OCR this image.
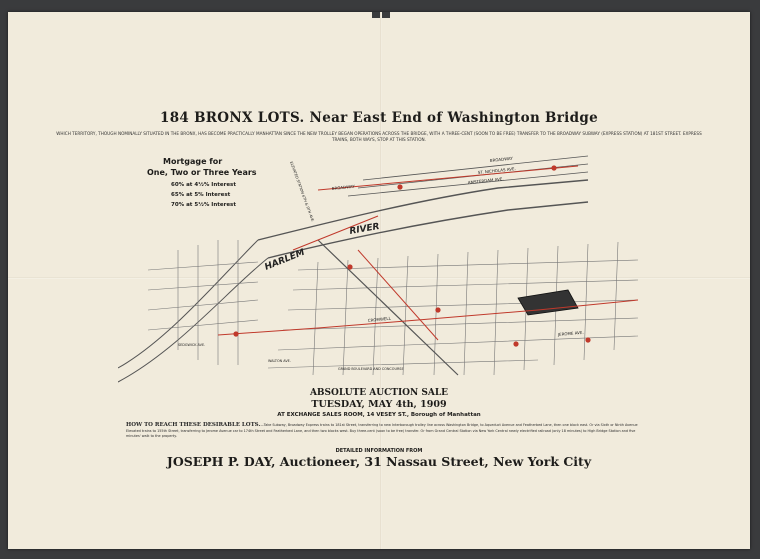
184 BRONX LOTS. Near East End of Washington Bridge
WHICH TERRITORY, THOUGH NOMINALLY SITUATED IN THE BRONX, HAS BECOME PRACTICALLY MANHATTAN SINCE THE NEW TROLLEY BEGAN OPERATIONS ACROSS THE BRIDGE, WITH A THREE-CENT (SOON TO BE FREE) TRANSFER TO THE BROADWAY SUBWAY (EXPRESS STATION) AT 181ST STREET. EXPRESS TRAINS, BOTH WAYS, STOP AT THIS STATION.
Mortgage for
One, Two or Three Years
60% at 4½% Interest
65% at 5% Interest
70% at 5½% Interest
HARLEM
RIVER
BROADWAY
ST. NICHOLAS AVE.
AMSTERDAM AVE.
BROADWAY
CROMWELL
GRAND BOULEVARD AND CONCOURSE
JEROME AVE.
SEDGWICK AVE.
WALTON AVE.
ELEVATED STATION 6TH & 9TH AVE.
ABSOLUTE AUCTION SALE
TUESDAY, MAY 4th, 1909
AT EXCHANGE SALES ROOM, 14 VESEY ST., Borough of Manhattan
HOW TO REACH THESE DESIRABLE LOTS.—Take Subway, Broadway Express trains to 181st Street, transferring to new Interborough trolley line across Washington Bridge, to Aqueduct Avenue and Featherbed Lane, then one block east. Or via Sixth or Ninth Avenue Elevated trains to 155th Street, transferring to Jerome Avenue car to 174th Street and Featherbed Lane, and then two blocks west. Buy three-cent (soon to be free) transfer. Or from Grand Central Station via New York Central newly electrified railroad (only 18 minutes) to High Bridge Station and five minutes' walk to the property.
DETAILED INFORMATION FROM
JOSEPH P. DAY, Auctioneer, 31 Nassau Street, New York City
